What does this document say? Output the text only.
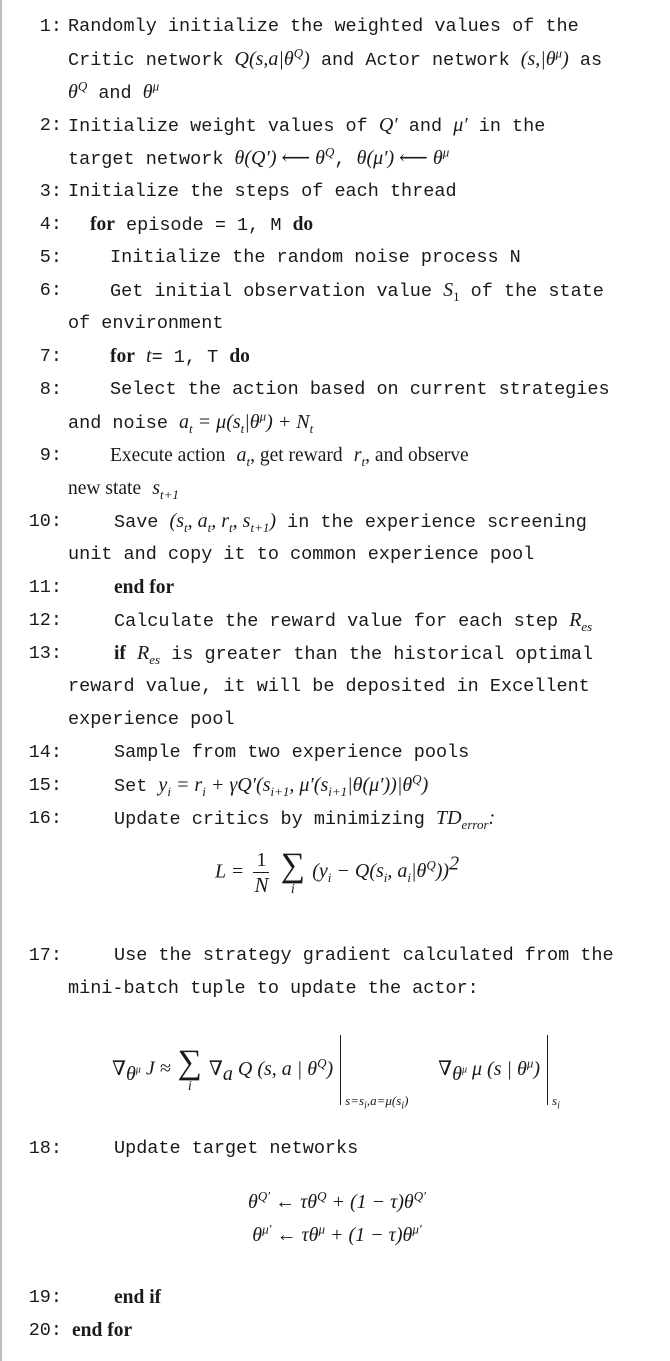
1: Randomly initialize the weighted values of the
Critic network $Q(s,a|\theta^Q)$ and Actor network $(s,|\theta^\mu)$ as
$\theta^Q$ and $\theta^\mu$
2: Initialize weight values of Q′ and μ′ in the
target network θ(Q′) ⟵ $\theta^Q$, θ(μ′) ⟵ $\theta^\mu$
3: Initialize the steps of each thread
4: for episode = 1, M do
5:	Initialize the random noise process N
6:	Get initial observation value $S_1$ of the state
of environment
7: for t= 1, T do
8:	Select the action based on current strategies
and noise $a_t = \mu(s_t|\theta^\mu) + N_t$
9: Execute action $a_t$, get reward $r_t$, and observe
new state $s_{t+1}$
10:	Save ($s_t$, $a_t$, $r_t$, $s_{t+1}$) in the experience screening
unit and copy it to common experience pool
11:	end for
12:	Calculate the reward value for each step $R_{es}$
13:	if $R_{es}$ is greater than the historical optimal
reward value, it will be deposited in Excellent
experience pool
14:	Sample from two experience pools
15:	Set $y_i = r_i + \gamma Q'(s_{i+1}$, $\mu'(s_{i+1}|\theta(\mu'))|\theta^Q$)
16:	Update critics by minimizing $TD_{error}$:
$L = \frac{1}{N}$
∑
i
($y_i - Q(s_i$, $a_i|\theta^Q))^2$
17:	Use the strategy gradient calculated from the
mini-batch tuple to update the actor:
$\nabla_{\theta^\mu}$ J ≈ ∑
i
$\nabla_a$ Q (s, a | $\theta^Q$)
$s=s_i,a=\mu(s_i)$
$\nabla_{\theta^\mu}$ μ (s | $\theta^\mu$)
$s_i$
18:	Update target networks
$\theta^{Q'}$ ← $\tau\theta^Q + (1 - \tau)\theta^{Q'}$
$\theta^{\mu'}$ ← $\tau\theta^\mu + (1 - \tau)\theta^{\mu'}$
19:	end if
20: end for
